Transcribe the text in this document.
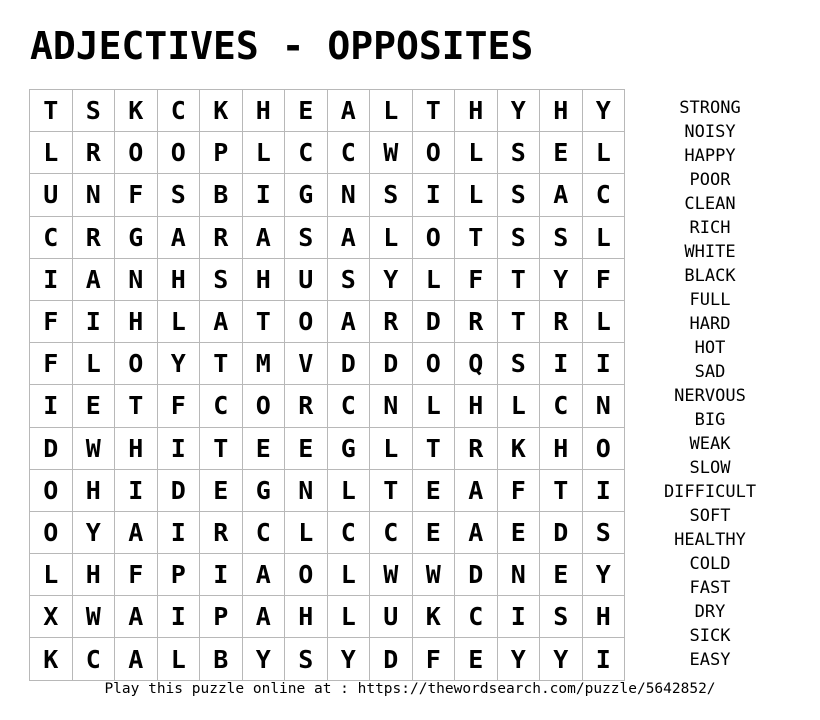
ADJECTIVES - OPPOSITES
T	S	K	C	K	H	E	A	L	T	H	Y	H	Y
L	R	O	O	P	L	C	C	W	O	L	S	E	L
U	N	F	S	B	I	G	N	S	I	L	S	A	C
C	R	G	A	R	A	S	A	L	O	T	S	S	L
I	A	N	H	S	H	U	S	Y	L	F	T	Y	F
F	I	H	L	A	T	O	A	R	D	R	T	R	L
F	L	O	Y	T	M	V	D	D	O	Q	S	I	I
I	E	T	F	C	O	R	C	N	L	H	L	C	N
D	W	H	I	T	E	E	G	L	T	R	K	H	O
O	H	I	D	E	G	N	L	T	E	A	F	T	I
O	Y	A	I	R	C	L	C	C	E	A	E	D	S
L	H	F	P	I	A	O	L	W	W	D	N	E	Y
X	W	A	I	P	A	H	L	U	K	C	I	S	H
K	C	A	L	B	Y	S	Y	D	F	E	Y	Y	I
STRONG
NOISY
HAPPY
POOR
CLEAN
RICH
WHITE
BLACK
FULL
HARD
HOT
SAD
NERVOUS
BIG
WEAK
SLOW
DIFFICULT
SOFT
HEALTHY
COLD
FAST
DRY
SICK
EASY
Play this puzzle online at : https://thewordsearch.com/puzzle/5642852/
